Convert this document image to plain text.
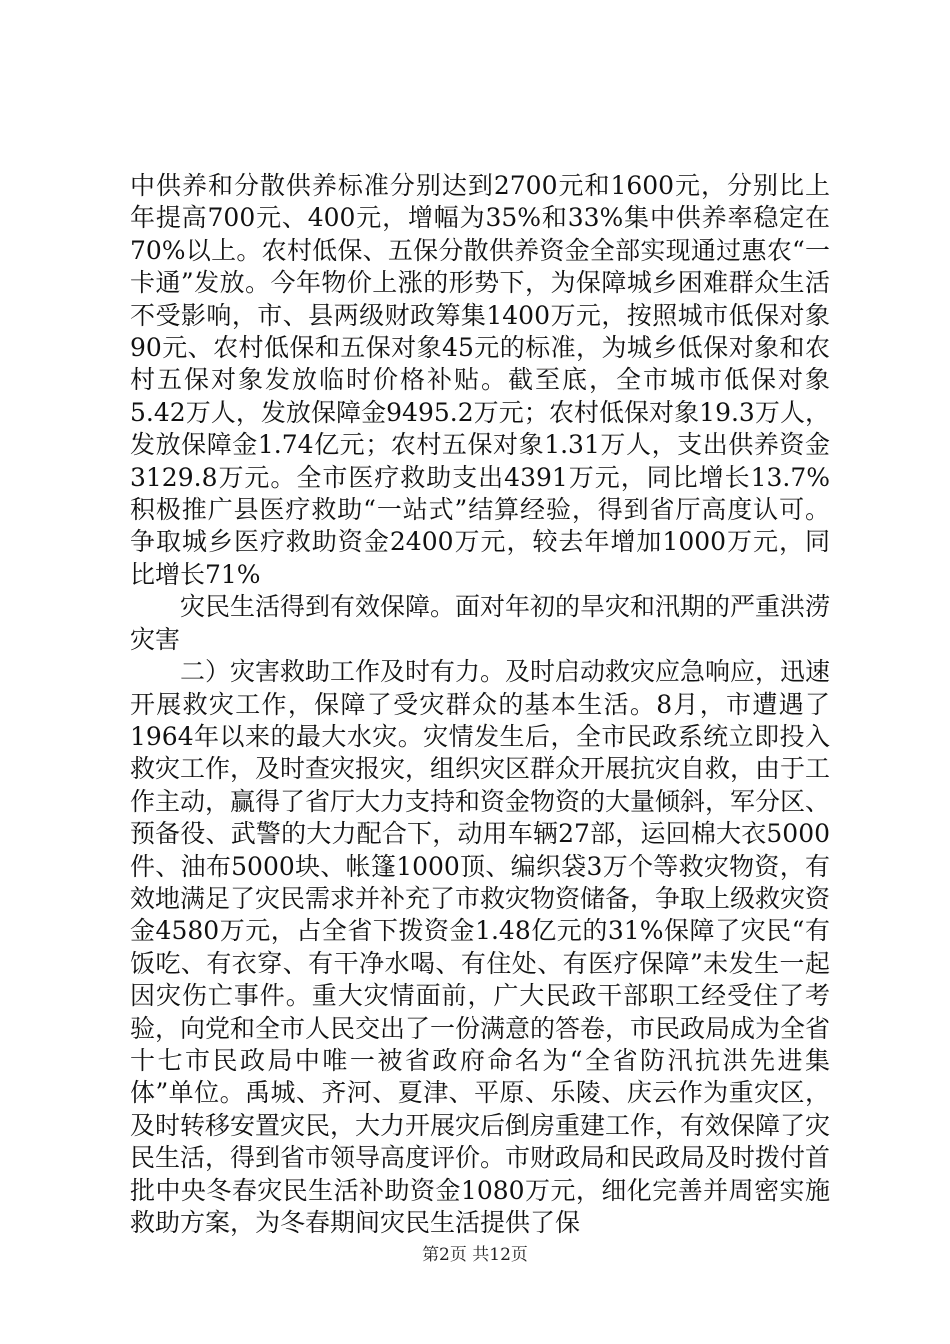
中供养和分散供养标准分别达到2700元和1600元，分别比上年提高700元、400元，增幅为35%和33%集中供养率稳定在70%以上。农村低保、五保分散供养资金全部实现通过惠农“一卡通”发放。今年物价上涨的形势下，为保障城乡困难群众生活不受影响，市、县两级财政筹集1400万元，按照城市低保对象90元、农村低保和五保对象45元的标准，为城乡低保对象和农村五保对象发放临时价格补贴。截至底，全市城市低保对象5.42万人，发放保障金9495.2万元；农村低保对象19.3万人，发放保障金1.74亿元；农村五保对象1.31万人，支出供养资金3129.8万元。全市医疗救助支出4391万元，同比增长13.7%积极推广县医疗救助“一站式”结算经验，得到省厅高度认可。争取城乡医疗救助资金2400万元，较去年增加1000万元，同比增长71%

灾民生活得到有效保障。面对年初的旱灾和汛期的严重洪涝灾害

二）灾害救助工作及时有力。及时启动救灾应急响应，迅速开展救灾工作，保障了受灾群众的基本生活。8月，市遭遇了1964年以来的最大水灾。灾情发生后，全市民政系统立即投入救灾工作，及时查灾报灾，组织灾区群众开展抗灾自救，由于工作主动，赢得了省厅大力支持和资金物资的大量倾斜，军分区、预备役、武警的大力配合下，动用车辆27部，运回棉大衣5000件、油布5000块、帐篷1000顶、编织袋3万个等救灾物资，有效地满足了灾民需求并补充了市救灾物资储备，争取上级救灾资金4580万元，占全省下拨资金1.48亿元的31%保障了灾民“有饭吃、有衣穿、有干净水喝、有住处、有医疗保障”未发生一起因灾伤亡事件。重大灾情面前，广大民政干部职工经受住了考验，向党和全市人民交出了一份满意的答卷，市民政局成为全省十七市民政局中唯一被省政府命名为“全省防汛抗洪先进集体”单位。禹城、齐河、夏津、平原、乐陵、庆云作为重灾区，及时转移安置灾民，大力开展灾后倒房重建工作，有效保障了灾民生活，得到省市领导高度评价。市财政局和民政局及时拨付首批中央冬春灾民生活补助资金1080万元，细化完善并周密实施救助方案，为冬春期间灾民生活提供了保

第2页 共12页
